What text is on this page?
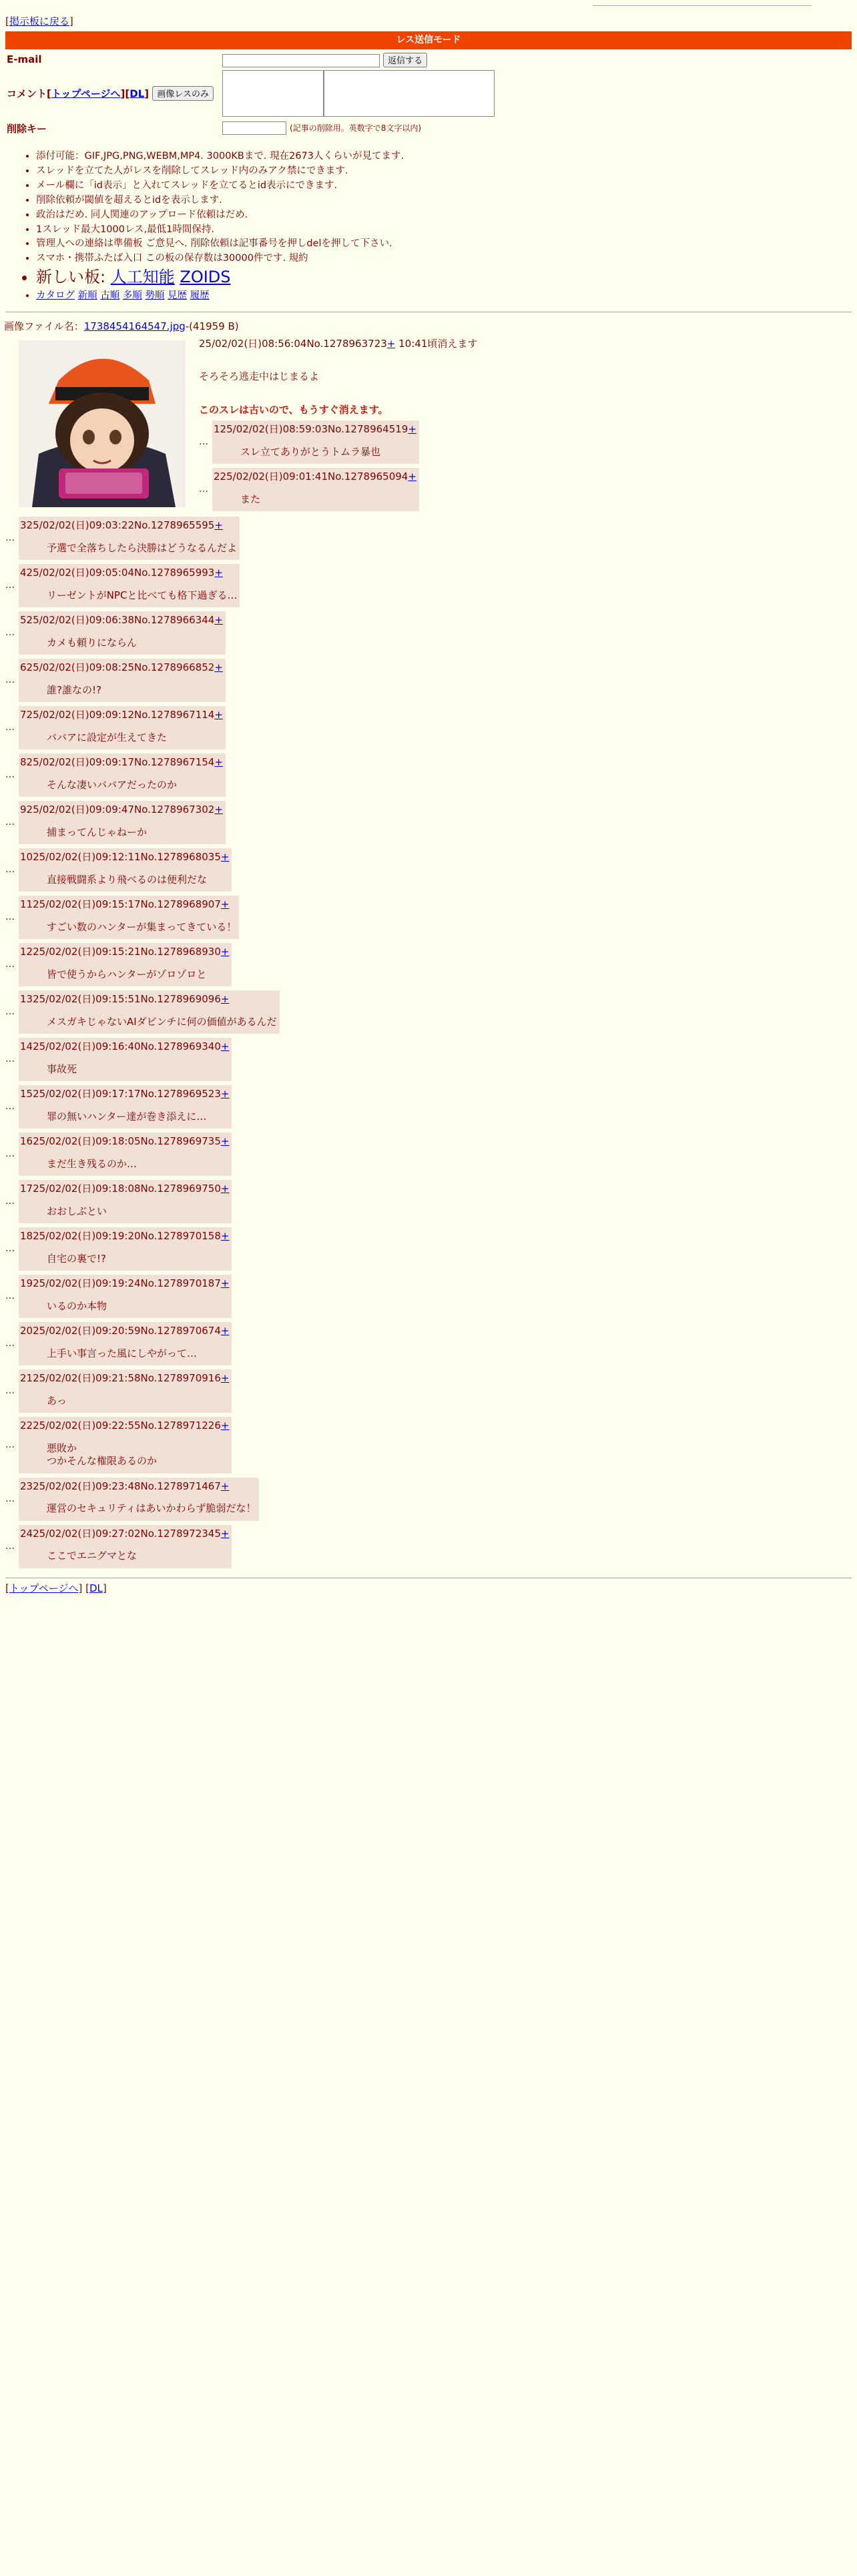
[掲示板に戻る]
レス送信モード
E-mail	返信する
コメント[トップページへ][DL] 画像レスのみ	
削除キー	(記事の削除用。英数字で8文字以内)
• 添付可能：GIF,JPG,PNG,WEBM,MP4. 3000KBまで. 現在2673人くらいが見てます.
• スレッドを立てた人がレスを削除してスレッド内のみアク禁にできます.
• メール欄に「id表示」と入れてスレッドを立てるとid表示にできます.
• 削除依頼が閾値を超えるとidを表示します.
• 政治はだめ. 同人関連のアップロード依頼はだめ.
• 1スレッド最大1000レス,最低1時間保持.
• 管理人への連絡は準備板 ご意見へ. 削除依頼は記事番号を押しdelを押して下さい.
• スマホ・携帯ふたば入口 この板の保存数は30000件です. 規約
• 新しい板: 人工知能 ZOIDS
• カタログ 新順 古順 多順 勢順 見歴 履歴
画像ファイル名：1738454164547.jpg-(41959 B)
25/02/02(日)08:56:04No.1278963723+ 10:41頃消えます
そろそろ逃走中はじまるよ
このスレは古いので、もうすぐ消えます。
…
125/02/02(日)08:59:03No.1278964519+
スレ立てありがとうトムラ暴也
…
225/02/02(日)09:01:41No.1278965094+
また
…
325/02/02(日)09:03:22No.1278965595+
予選で全落ちしたら決勝はどうなるんだよ
…
425/02/02(日)09:05:04No.1278965993+
リーゼントがNPCと比べても格下過ぎる…
…
525/02/02(日)09:06:38No.1278966344+
カメも頼りにならん
…
625/02/02(日)09:08:25No.1278966852+
誰?誰なの!?
…
725/02/02(日)09:09:12No.1278967114+
ババアに設定が生えてきた
…
825/02/02(日)09:09:17No.1278967154+
そんな凄いババアだったのか
…
925/02/02(日)09:09:47No.1278967302+
捕まってんじゃねーか
…
1025/02/02(日)09:12:11No.1278968035+
直接戦闘系より飛べるのは便利だな
…
1125/02/02(日)09:15:17No.1278968907+
すごい数のハンターが集まってきている！
…
1225/02/02(日)09:15:21No.1278968930+
皆で使うからハンターがゾロゾロと
…
1325/02/02(日)09:15:51No.1278969096+
メスガキじゃないAIダビンチに何の価値があるんだ
…
1425/02/02(日)09:16:40No.1278969340+
事故死
…
1525/02/02(日)09:17:17No.1278969523+
罪の無いハンター達が巻き添えに…
…
1625/02/02(日)09:18:05No.1278969735+
まだ生き残るのか…
…
1725/02/02(日)09:18:08No.1278969750+
おおしぶとい
…
1825/02/02(日)09:19:20No.1278970158+
自宅の裏で!?
…
1925/02/02(日)09:19:24No.1278970187+
いるのか本物
…
2025/02/02(日)09:20:59No.1278970674+
上手い事言った風にしやがって…
…
2125/02/02(日)09:21:58No.1278970916+
あっ
…
2225/02/02(日)09:22:55No.1278971226+
悪敗か
つかそんな権限あるのか
…
2325/02/02(日)09:23:48No.1278971467+
運営のセキュリティはあいかわらず脆弱だな！
…
2425/02/02(日)09:27:02No.1278972345+
ここでエニグマとな
[トップページへ] [DL]
